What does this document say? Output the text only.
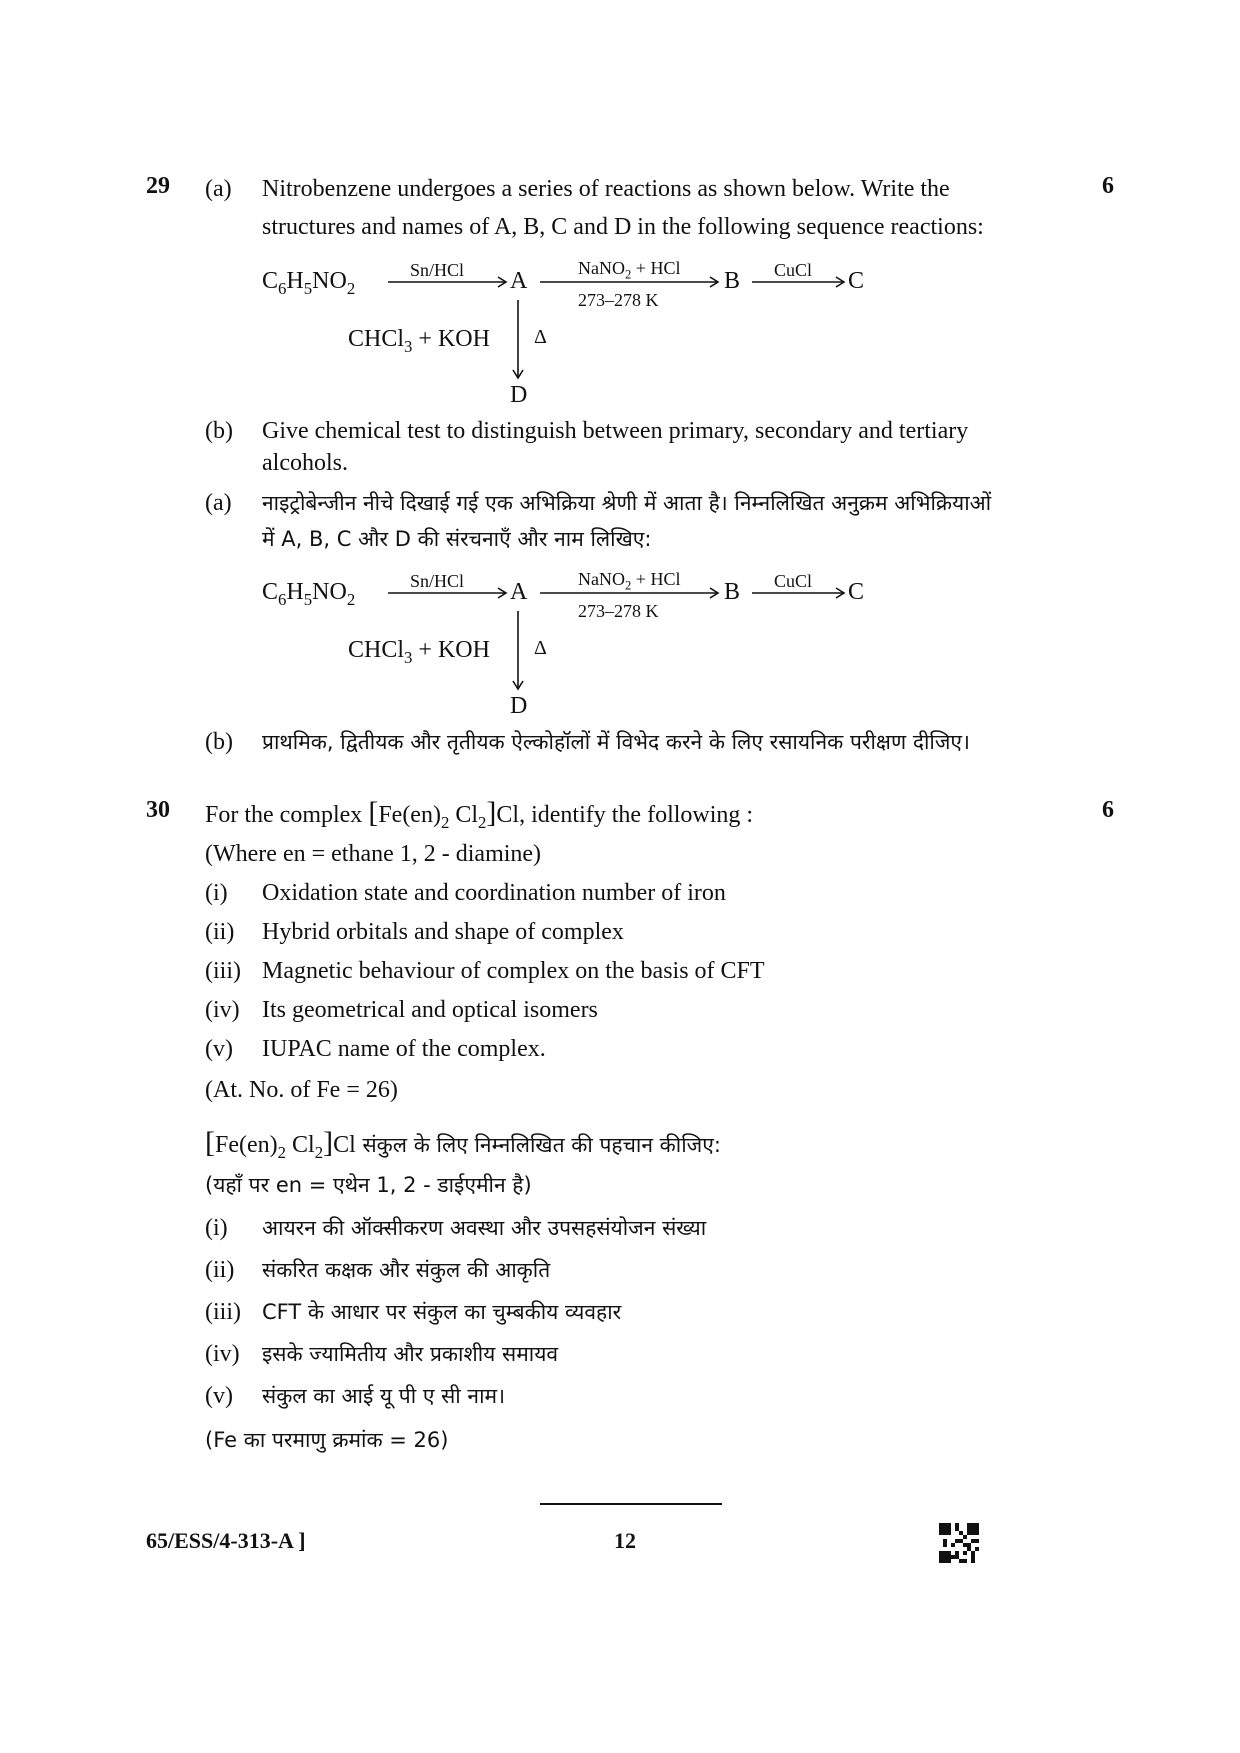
29	6
(a) Nitrobenzene undergoes a series of reactions as shown below. Write the
structures and names of A, B, C and D in the following sequence reactions:
$C_6H_5NO_2$
Sn/HCl	NaNO$_2$ + HCl
273–278 K
CuCl
A	B	C
CHCl$_3$ + KOH Δ
D
(b) Give chemical test to distinguish between primary, secondary and tertiary
alcohols.
(a) नाइट्रोबेन्जीन नीचे दिखाई गई एक अभिक्रिया श्रेणी में आता है। निम्नलिखित अनुक्रम अभिक्रियाओं
में A, B, C और D की संरचनाएँ और नाम लिखिए:
$C_6H_5NO_2$
Sn/HCl	NaNO$_2$ + HCl
273–278 K
CuCl
A	B	C
CHCl$_3$ + KOH Δ
D
(b) प्राथमिक, द्वितीयक और तृतीयक ऐल्कोहॉलों में विभेद करने के लिए रसायनिक परीक्षण दीजिए।
30	6
For the complex [$Fe(en)_2$ $Cl_2]Cl$, identify the following :
(Where en = ethane 1, 2 - diamine)
(i) Oxidation state and coordination number of iron
(ii) Hybrid orbitals and shape of complex
(iii) Magnetic behaviour of complex on the basis of CFT
(iv) Its geometrical and optical isomers
(v) IUPAC name of the complex.
(At. No. of Fe = 26)
[$Fe(en)_2$ $Cl_2]Cl$ संकुल के लिए निम्नलिखित की पहचान कीजिए:
(यहाँ पर en = एथेन 1, 2 - डाईएमीन है)
(i) आयरन की ऑक्सीकरण अवस्था और उपसहसंयोजन संख्या
(ii) संकरित कक्षक और संकुल की आकृति
(iii) CFT के आधार पर संकुल का चुम्बकीय व्यवहार
(iv) इसके ज्यामितीय और प्रकाशीय समायव
(v) संकुल का आई यू पी ए सी नाम।
(Fe का परमाणु क्रमांक = 26)
65/ESS/4-313-A ]	12
